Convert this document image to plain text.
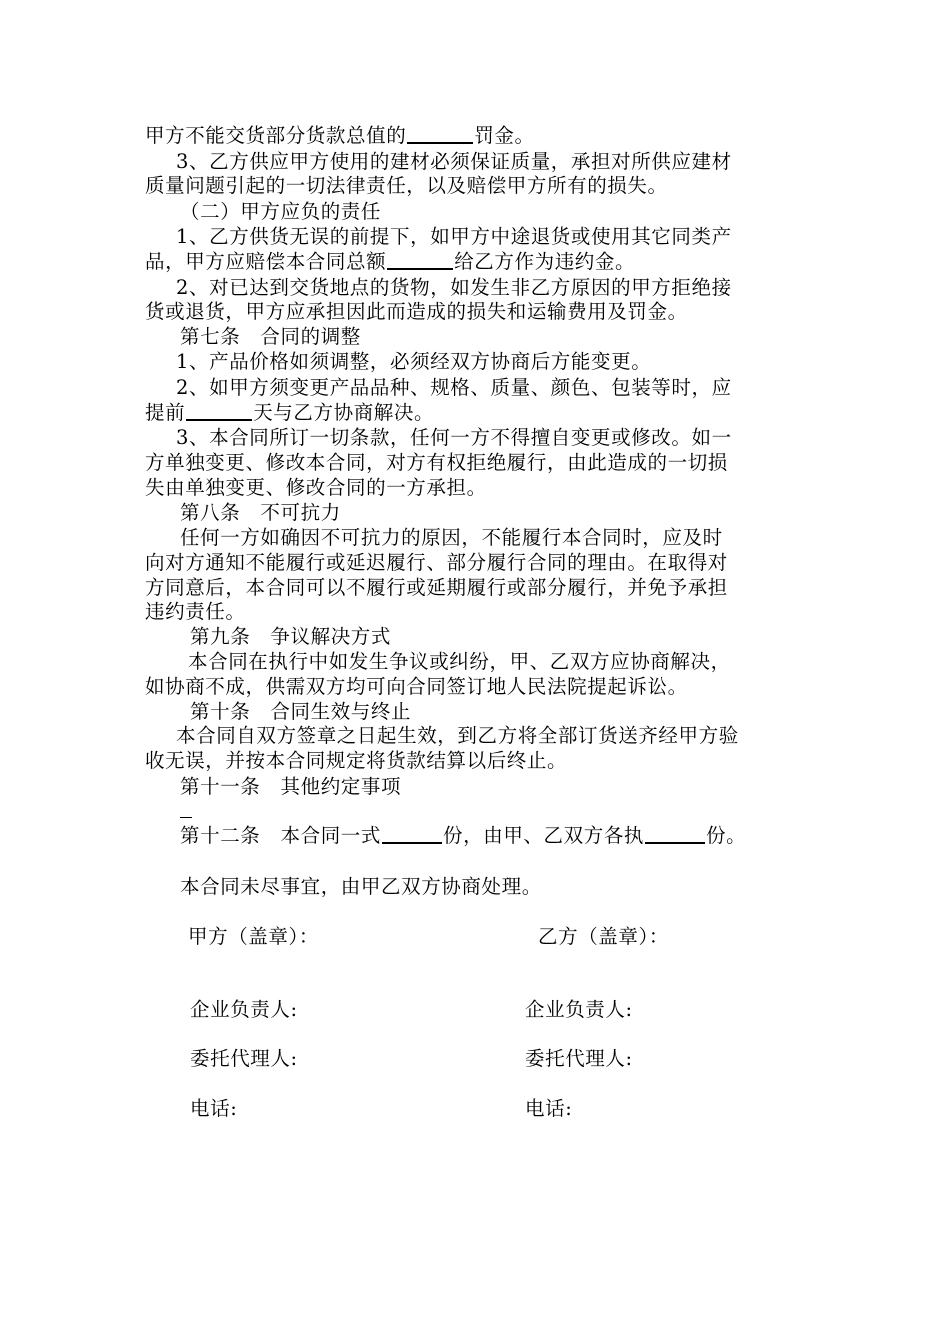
甲方不能交货部分货款总值的	罚金。
3、乙方供应甲方使用的建材必须保证质量，承担对所供应建材
质量问题引起的一切法律责任，以及赔偿甲方所有的损失。
（二）甲方应负的责任
1、乙方供货无误的前提下，如甲方中途退货或使用其它同类产
品，甲方应赔偿本合同总额	给乙方作为违约金。
2、对已达到交货地点的货物，如发生非乙方原因的甲方拒绝接
货或退货，甲方应承担因此而造成的损失和运输费用及罚金。
第七条　合同的调整
1、产品价格如须调整，必须经双方协商后方能变更。
2、如甲方须变更产品品种、规格、质量、颜色、包装等时，应
提前	天与乙方协商解决。
3、本合同所订一切条款，任何一方不得擅自变更或修改。如一
方单独变更、修改本合同，对方有权拒绝履行，由此造成的一切损
失由单独变更、修改合同的一方承担。
第八条　不可抗力
任何一方如确因不可抗力的原因，不能履行本合同时，应及时
向对方通知不能履行或延迟履行、部分履行合同的理由。在取得对
方同意后，本合同可以不履行或延期履行或部分履行，并免予承担
违约责任。
第九条　争议解决方式
本合同在执行中如发生争议或纠纷，甲、乙双方应协商解决，
如协商不成，供需双方均可向合同签订地人民法院提起诉讼。
第十条　合同生效与终止
本合同自双方签章之日起生效，到乙方将全部订货送齐经甲方验
收无误，并按本合同规定将货款结算以后终止。
第十一条　其他约定事项
第十二条　本合同一式	份，由甲、乙双方各执	份。
本合同未尽事宜，由甲乙双方协商处理。
甲方（盖章）：	乙方（盖章）：
企业负责人:	企业负责人:
委托代理人:	委托代理人:
电话:	电话:
